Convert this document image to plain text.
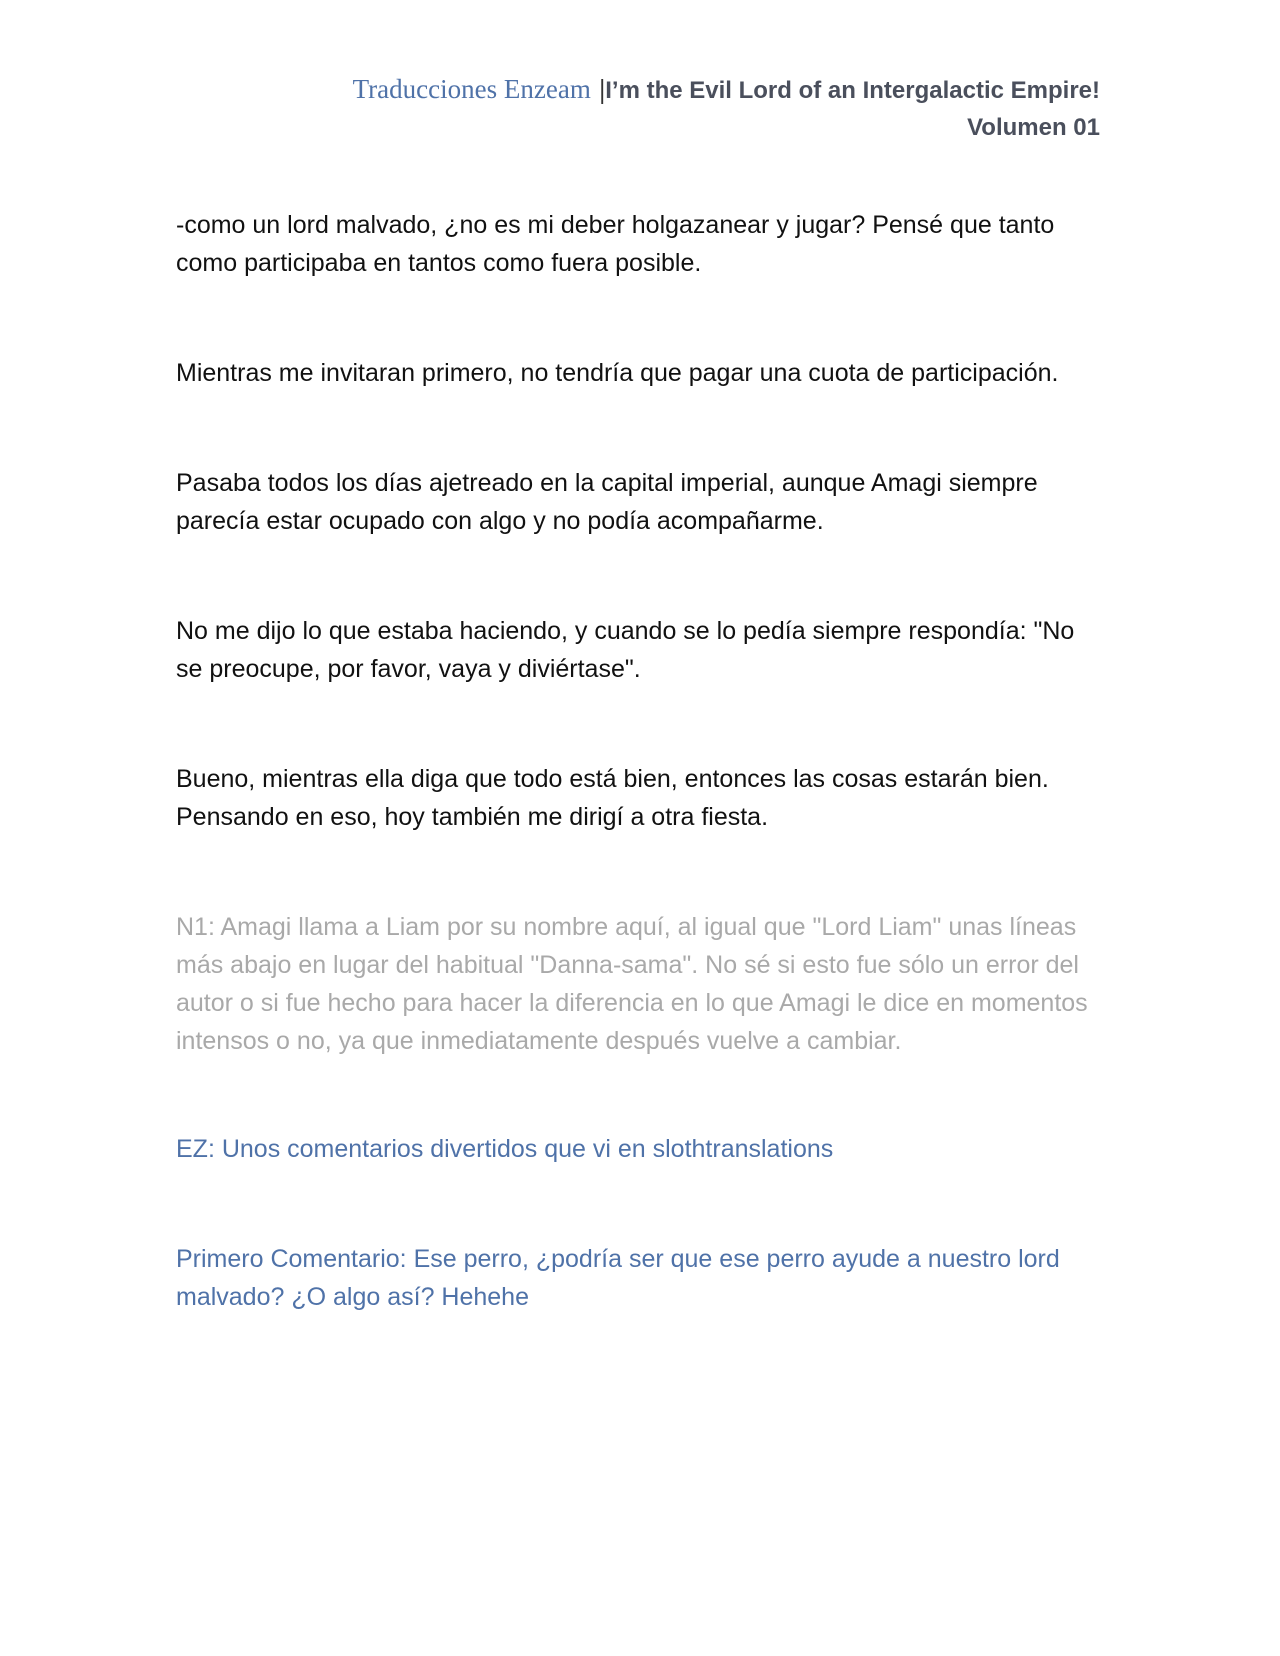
Traducciones Enzeam |I’m the Evil Lord of an Intergalactic Empire!
Volumen 01

-como un lord malvado, ¿no es mi deber holgazanear y jugar? Pensé que tanto como participaba en tantos como fuera posible.

Mientras me invitaran primero, no tendría que pagar una cuota de participación.

Pasaba todos los días ajetreado en la capital imperial, aunque Amagi siempre parecía estar ocupado con algo y no podía acompañarme.

No me dijo lo que estaba haciendo, y cuando se lo pedía siempre respondía: "No se preocupe, por favor, vaya y diviértase".

Bueno, mientras ella diga que todo está bien, entonces las cosas estarán bien. Pensando en eso, hoy también me dirigí a otra fiesta.

N1: Amagi llama a Liam por su nombre aquí, al igual que "Lord Liam" unas líneas más abajo en lugar del habitual "Danna-sama". No sé si esto fue sólo un error del autor o si fue hecho para hacer la diferencia en lo que Amagi le dice en momentos intensos o no, ya que inmediatamente después vuelve a cambiar.

EZ: Unos comentarios divertidos que vi en slothtranslations

Primero Comentario: Ese perro, ¿podría ser que ese perro ayude a nuestro lord malvado? ¿O algo así? Hehehe
